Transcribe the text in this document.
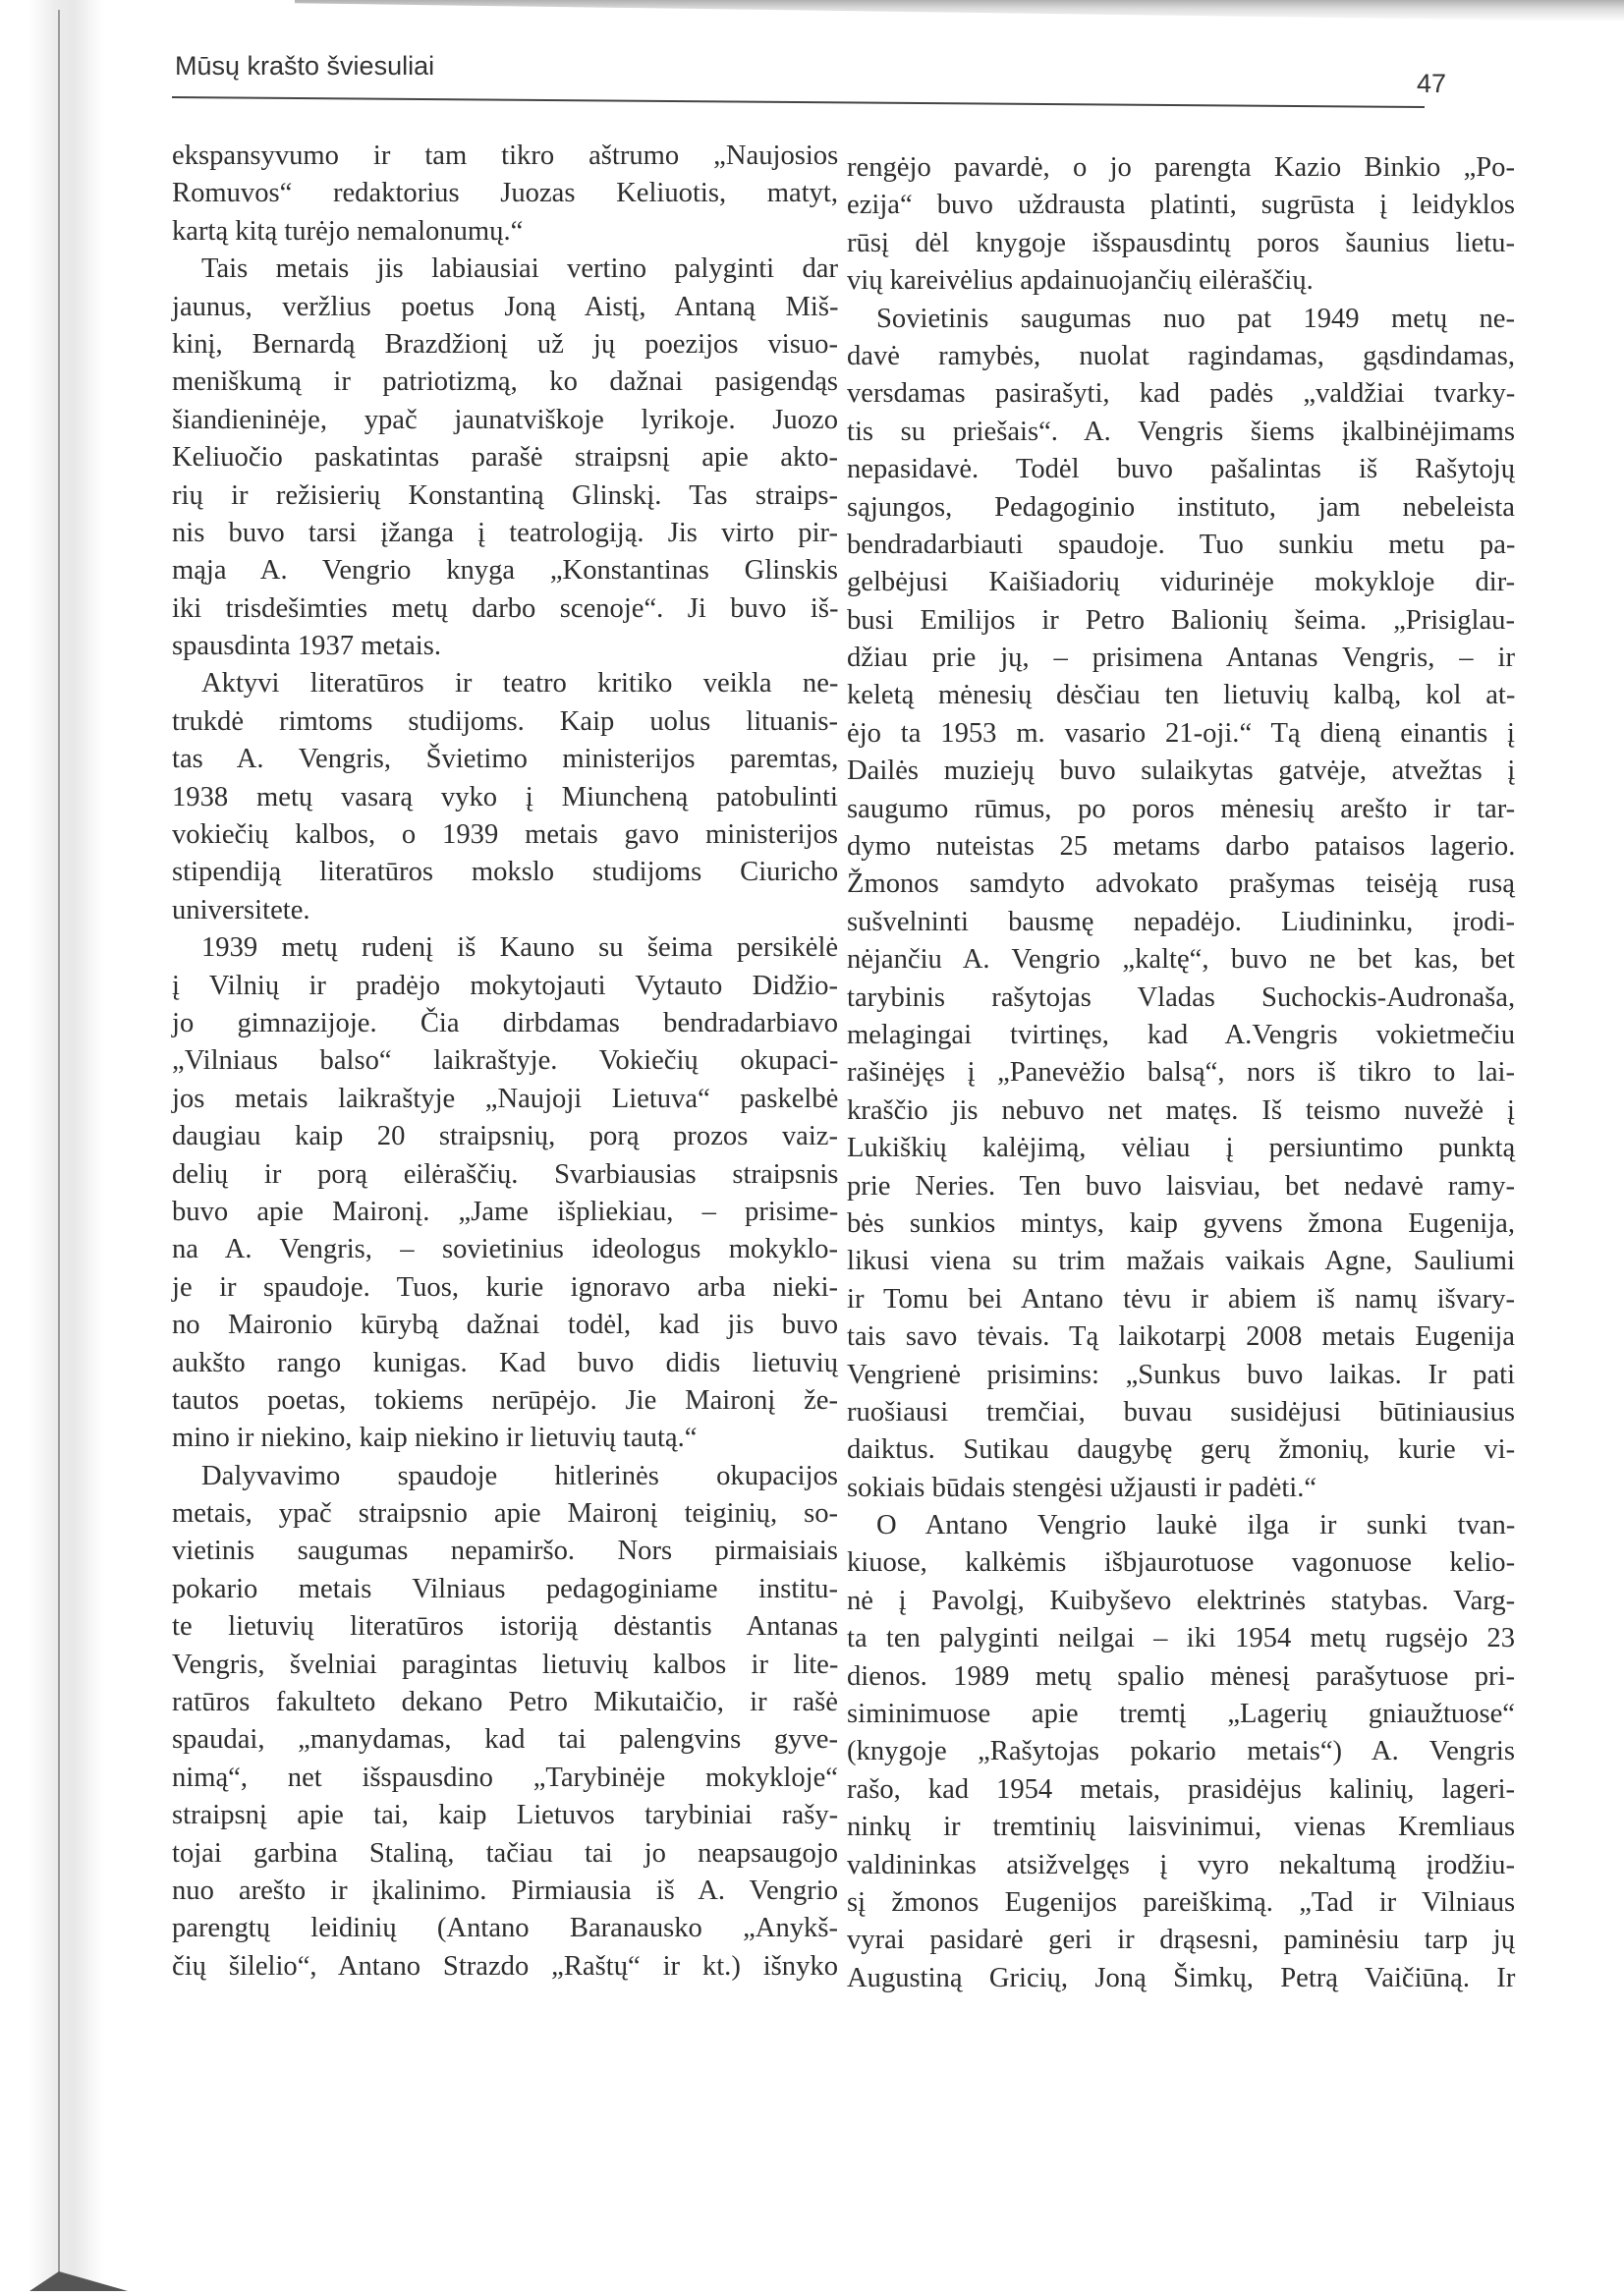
Mūsų krašto šviesuliai
47
ekspansyvumo ir tam tikro aštrumo „Naujosios
Romuvos“ redaktorius Juozas Keliuotis, matyt,
kartą kitą turėjo nemalonumų.“
Tais metais jis labiausiai vertino palyginti dar
jaunus, veržlius poetus Joną Aistį, Antaną Miš-
kinį, Bernardą Brazdžionį už jų poezijos visuo-
meniškumą ir patriotizmą, ko dažnai pasigendąs
šiandieninėje, ypač jaunatviškoje lyrikoje. Juozo
Keliuočio paskatintas parašė straipsnį apie akto-
rių ir režisierių Konstantiną Glinskį. Tas straips-
nis buvo tarsi įžanga į teatrologiją. Jis virto pir-
mąja A. Vengrio knyga „Konstantinas Glinskis
iki trisdešimties metų darbo scenoje“. Ji buvo iš-
spausdinta 1937 metais.
Aktyvi literatūros ir teatro kritiko veikla ne-
trukdė rimtoms studijoms. Kaip uolus lituanis-
tas A. Vengris, Švietimo ministerijos paremtas,
1938 metų vasarą vyko į Miuncheną patobulinti
vokiečių kalbos, o 1939 metais gavo ministerijos
stipendiją literatūros mokslo studijoms Ciuricho
universitete.
1939 metų rudenį iš Kauno su šeima persikėlė
į Vilnių ir pradėjo mokytojauti Vytauto Didžio-
jo gimnazijoje. Čia dirbdamas bendradarbiavo
„Vilniaus balso“ laikraštyje. Vokiečių okupaci-
jos metais laikraštyje „Naujoji Lietuva“ paskelbė
daugiau kaip 20 straipsnių, porą prozos vaiz-
delių ir porą eilėraščių. Svarbiausias straipsnis
buvo apie Maironį. „Jame išpliekiau, – prisime-
na A. Vengris, – sovietinius ideologus mokyklo-
je ir spaudoje. Tuos, kurie ignoravo arba nieki-
no Maironio kūrybą dažnai todėl, kad jis buvo
aukšto rango kunigas. Kad buvo didis lietuvių
tautos poetas, tokiems nerūpėjo. Jie Maironį že-
mino ir niekino, kaip niekino ir lietuvių tautą.“
Dalyvavimo spaudoje hitlerinės okupacijos
metais, ypač straipsnio apie Maironį teiginių, so-
vietinis saugumas nepamiršo. Nors pirmaisiais
pokario metais Vilniaus pedagoginiame institu-
te lietuvių literatūros istoriją dėstantis Antanas
Vengris, švelniai paragintas lietuvių kalbos ir lite-
ratūros fakulteto dekano Petro Mikutaičio, ir rašė
spaudai, „manydamas, kad tai palengvins gyve-
nimą“, net išspausdino „Tarybinėje mokykloje“
straipsnį apie tai, kaip Lietuvos tarybiniai rašy-
tojai garbina Staliną, tačiau tai jo neapsaugojo
nuo arešto ir įkalinimo. Pirmiausia iš A. Vengrio
parengtų leidinių (Antano Baranausko „Anykš-
čių šilelio“, Antano Strazdo „Raštų“ ir kt.) išnyko
rengėjo pavardė, o jo parengta Kazio Binkio „Po-
ezija“ buvo uždrausta platinti, sugrūsta į leidyklos
rūsį dėl knygoje išspausdintų poros šaunius lietu-
vių kareivėlius apdainuojančių eilėraščių.
Sovietinis saugumas nuo pat 1949 metų ne-
davė ramybės, nuolat ragindamas, gąsdindamas,
versdamas pasirašyti, kad padės „valdžiai tvarky-
tis su priešais“. A. Vengris šiems įkalbinėjimams
nepasidavė. Todėl buvo pašalintas iš Rašytojų
sąjungos, Pedagoginio instituto, jam nebeleista
bendradarbiauti spaudoje. Tuo sunkiu metu pa-
gelbėjusi Kaišiadorių vidurinėje mokykloje dir-
busi Emilijos ir Petro Balionių šeima. „Prisiglau-
džiau prie jų, – prisimena Antanas Vengris, – ir
keletą mėnesių dėsčiau ten lietuvių kalbą, kol at-
ėjo ta 1953 m. vasario 21-oji.“ Tą dieną einantis į
Dailės muziejų buvo sulaikytas gatvėje, atvežtas į
saugumo rūmus, po poros mėnesių arešto ir tar-
dymo nuteistas 25 metams darbo pataisos lagerio.
Žmonos samdyto advokato prašymas teisėją rusą
sušvelninti bausmę nepadėjo. Liudininku, įrodi-
nėjančiu A. Vengrio „kaltę“, buvo ne bet kas, bet
tarybinis rašytojas Vladas Suchockis-Audronaša,
melagingai tvirtinęs, kad A.Vengris vokietmečiu
rašinėjęs į „Panevėžio balsą“, nors iš tikro to lai-
kraščio jis nebuvo net matęs. Iš teismo nuvežė į
Lukiškių kalėjimą, vėliau į persiuntimo punktą
prie Neries. Ten buvo laisviau, bet nedavė ramy-
bės sunkios mintys, kaip gyvens žmona Eugenija,
likusi viena su trim mažais vaikais Agne, Sauliumi
ir Tomu bei Antano tėvu ir abiem iš namų išvary-
tais savo tėvais. Tą laikotarpį 2008 metais Eugenija
Vengrienė prisimins: „Sunkus buvo laikas. Ir pati
ruošiausi tremčiai, buvau susidėjusi būtiniausius
daiktus. Sutikau daugybę gerų žmonių, kurie vi-
sokiais būdais stengėsi užjausti ir padėti.“
O Antano Vengrio laukė ilga ir sunki tvan-
kiuose, kalkėmis išbjaurotuose vagonuose kelio-
nė į Pavolgį, Kuibyševo elektrinės statybas. Varg-
ta ten palyginti neilgai – iki 1954 metų rugsėjo 23
dienos. 1989 metų spalio mėnesį parašytuose pri-
siminimuose apie tremtį „Lagerių gniaužtuose“
(knygoje „Rašytojas pokario metais“) A. Vengris
rašo, kad 1954 metais, prasidėjus kalinių, lageri-
ninkų ir tremtinių laisvinimui, vienas Kremliaus
valdininkas atsižvelgęs į vyro nekaltumą įrodžiu-
sį žmonos Eugenijos pareiškimą. „Tad ir Vilniaus
vyrai pasidarė geri ir drąsesni, paminėsiu tarp jų
Augustiną Gricių, Joną Šimkų, Petrą Vaičiūną. Ir
